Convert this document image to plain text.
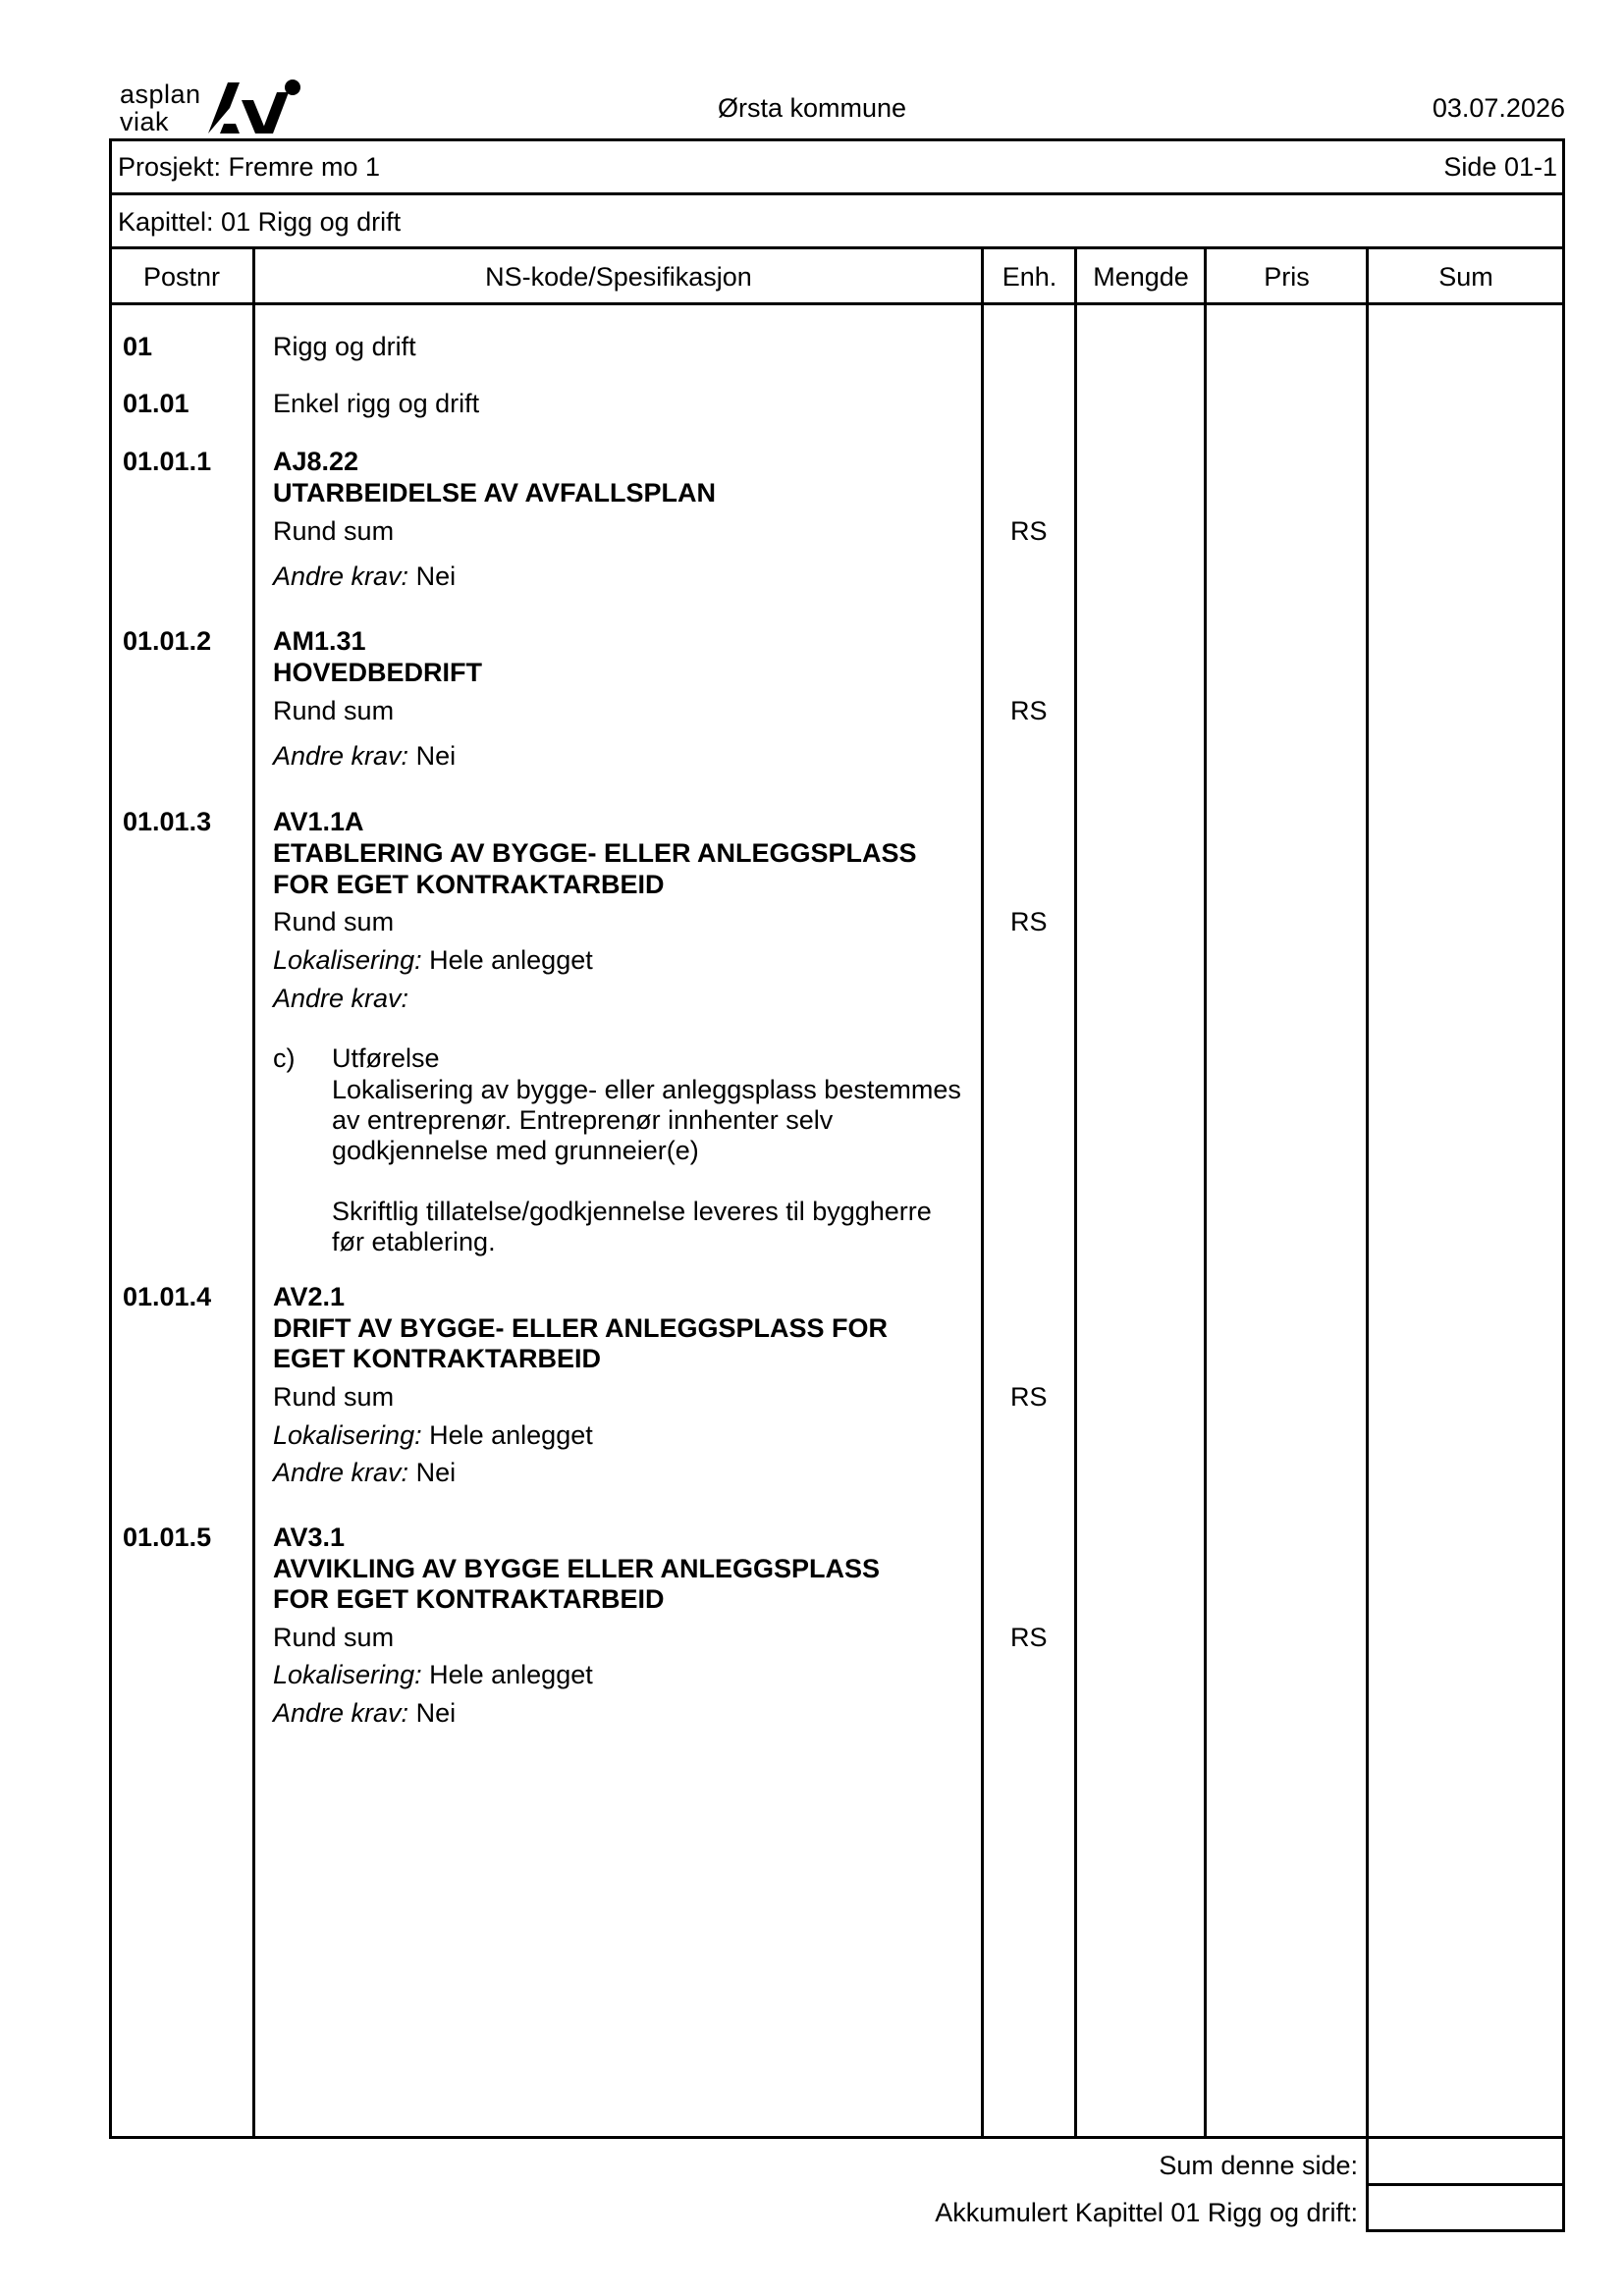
asplan
viak	Ørsta kommune	03.07.2026
Prosjekt: Fremre mo 1	Side 01-1
Kapittel: 01 Rigg og drift
Postnr	NS-kode/Spesifikasjon	Enh.	Mengde	Pris	Sum
01	Rigg og drift
01.01	Enkel rigg og drift
01.01.1 AJ8.22
UTARBEIDELSE AV AVFALLSPLAN
Rund sum	RS
Andre krav: Nei
01.01.2 AM1.31
HOVEDBEDRIFT
Rund sum	RS
Andre krav: Nei
01.01.3 AV1.1A
ETABLERING AV BYGGE- ELLER ANLEGGSPLASS
FOR EGET KONTRAKTARBEID
Rund sum	RS
Lokalisering: Hele anlegget
Andre krav:
c) Utførelse
Lokalisering av bygge- eller anleggsplass bestemmes
av entreprenør. Entreprenør innhenter selv
godkjennelse med grunneier(e)
Skriftlig tillatelse/godkjennelse leveres til byggherre
før etablering.
01.01.4 AV2.1
DRIFT AV BYGGE- ELLER ANLEGGSPLASS FOR
EGET KONTRAKTARBEID
Rund sum	RS
Lokalisering: Hele anlegget
Andre krav: Nei
01.01.5 AV3.1
AVVIKLING AV BYGGE ELLER ANLEGGSPLASS
FOR EGET KONTRAKTARBEID
Rund sum	RS
Lokalisering: Hele anlegget
Andre krav: Nei
Sum denne side:
Akkumulert Kapittel 01 Rigg og drift:
